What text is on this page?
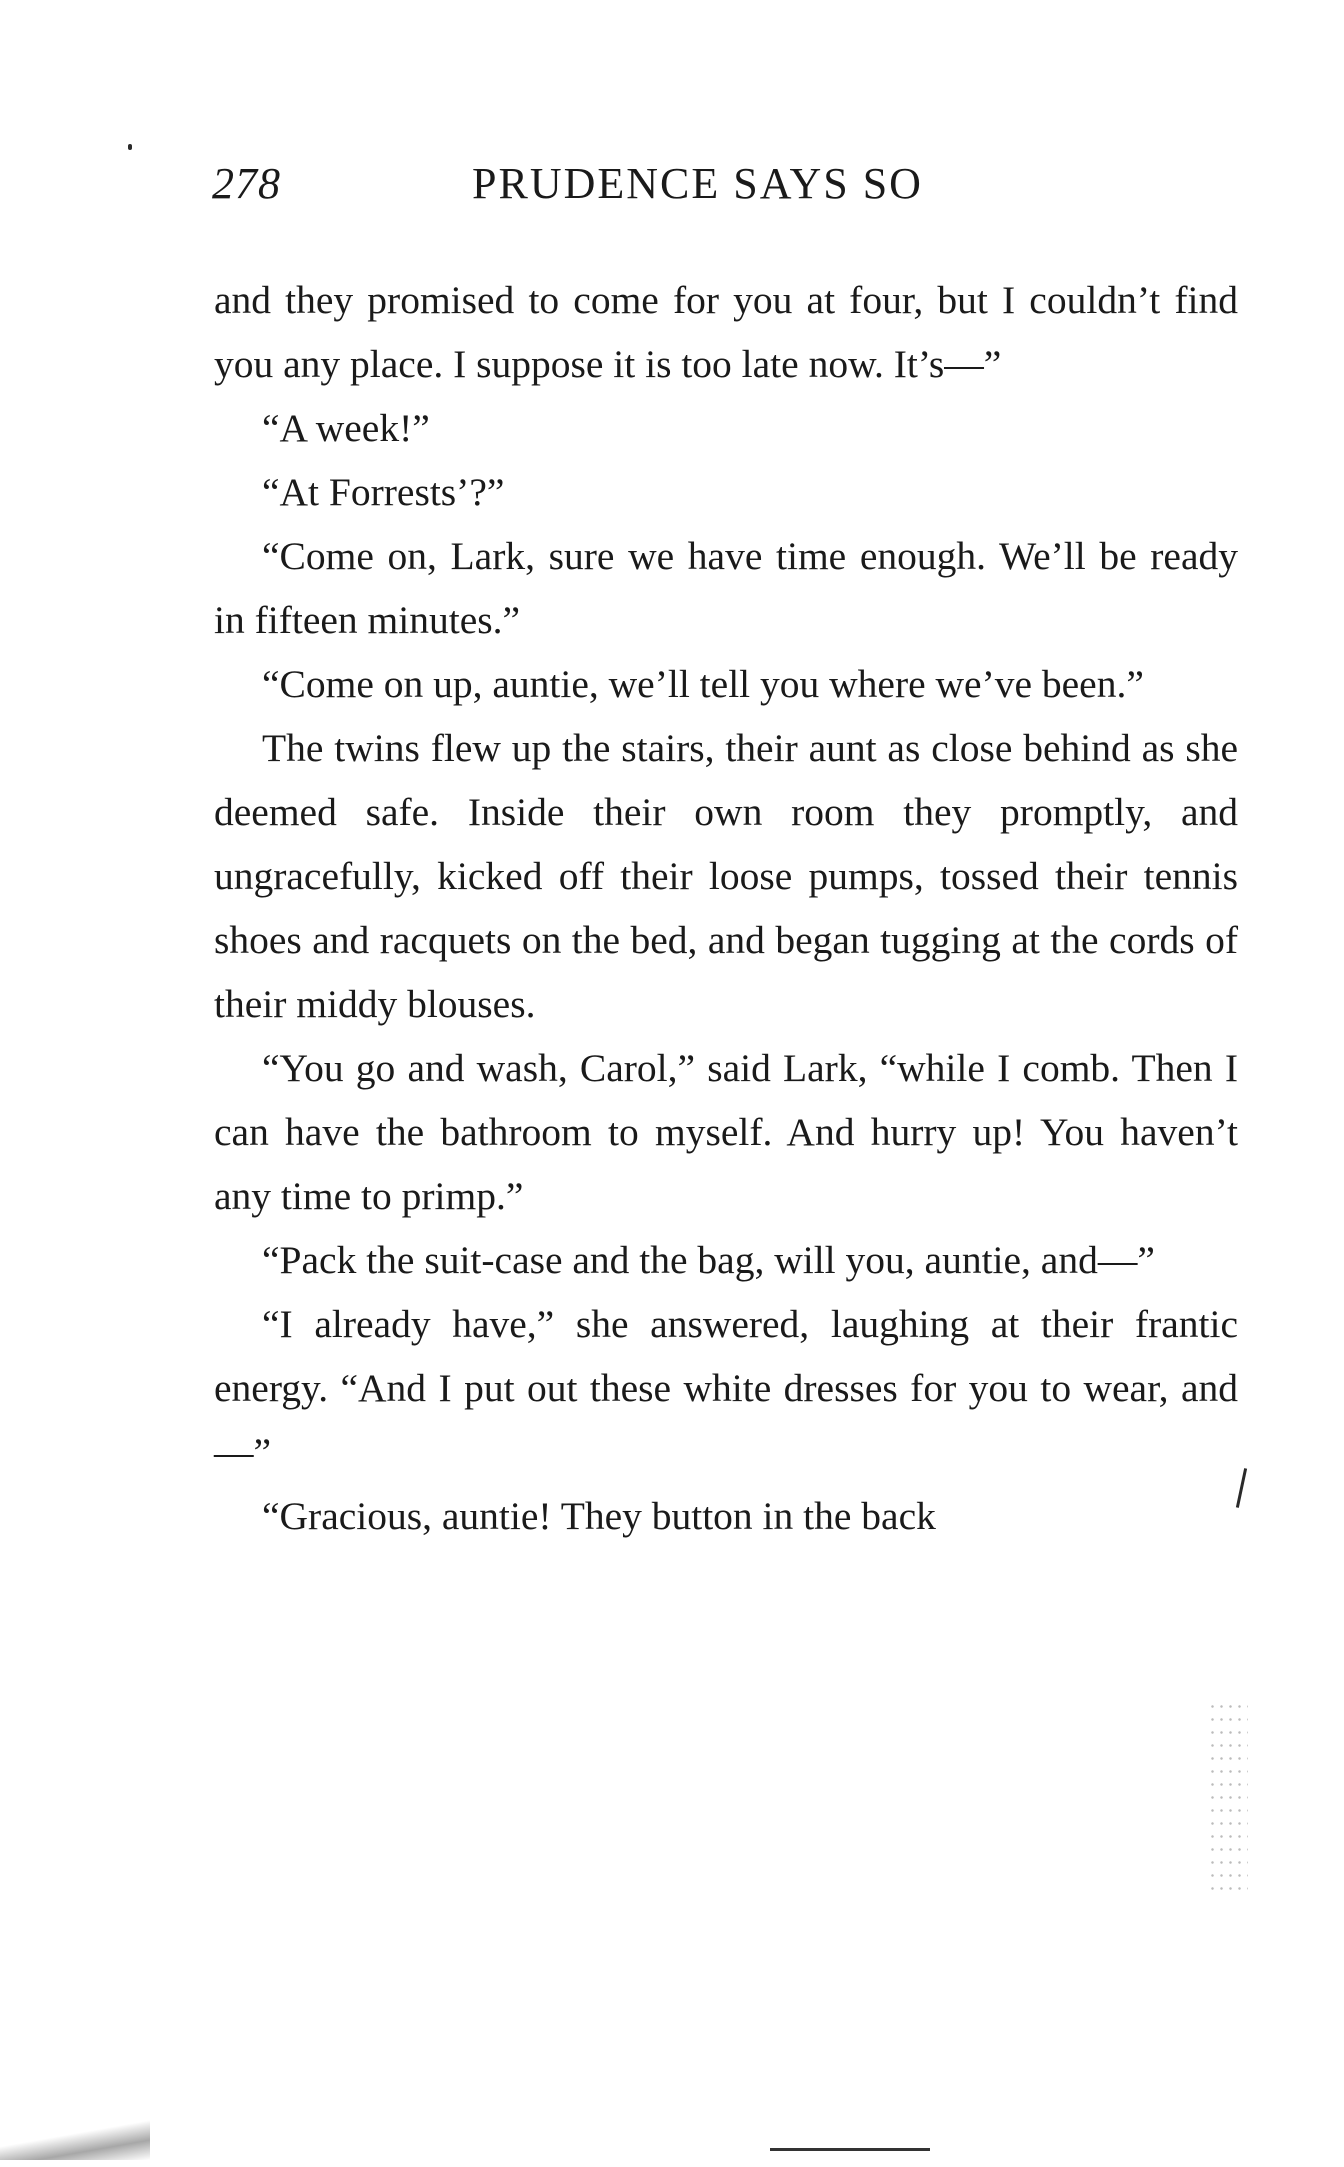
278	PRUDENCE SAYS SO

and they promised to come for you at four, but I couldn’t find you any place. I suppose it is too late now. It’s—”

“A week!”

“At Forrests’?”

“Come on, Lark, sure we have time enough. We’ll be ready in fifteen minutes.”

“Come on up, auntie, we’ll tell you where we’ve been.”

The twins flew up the stairs, their aunt as close behind as she deemed safe. Inside their own room they promptly, and ungracefully, kicked off their loose pumps, tossed their tennis shoes and racquets on the bed, and began tugging at the cords of their middy blouses.

“You go and wash, Carol,” said Lark, “while I comb. Then I can have the bathroom to myself. And hurry up! You haven’t any time to primp.”

“Pack the suit-case and the bag, will you, auntie, and—”

“I already have,” she answered, laughing at their frantic energy. “And I put out these white dresses for you to wear, and—”

“Gracious, auntie! They button in the back
